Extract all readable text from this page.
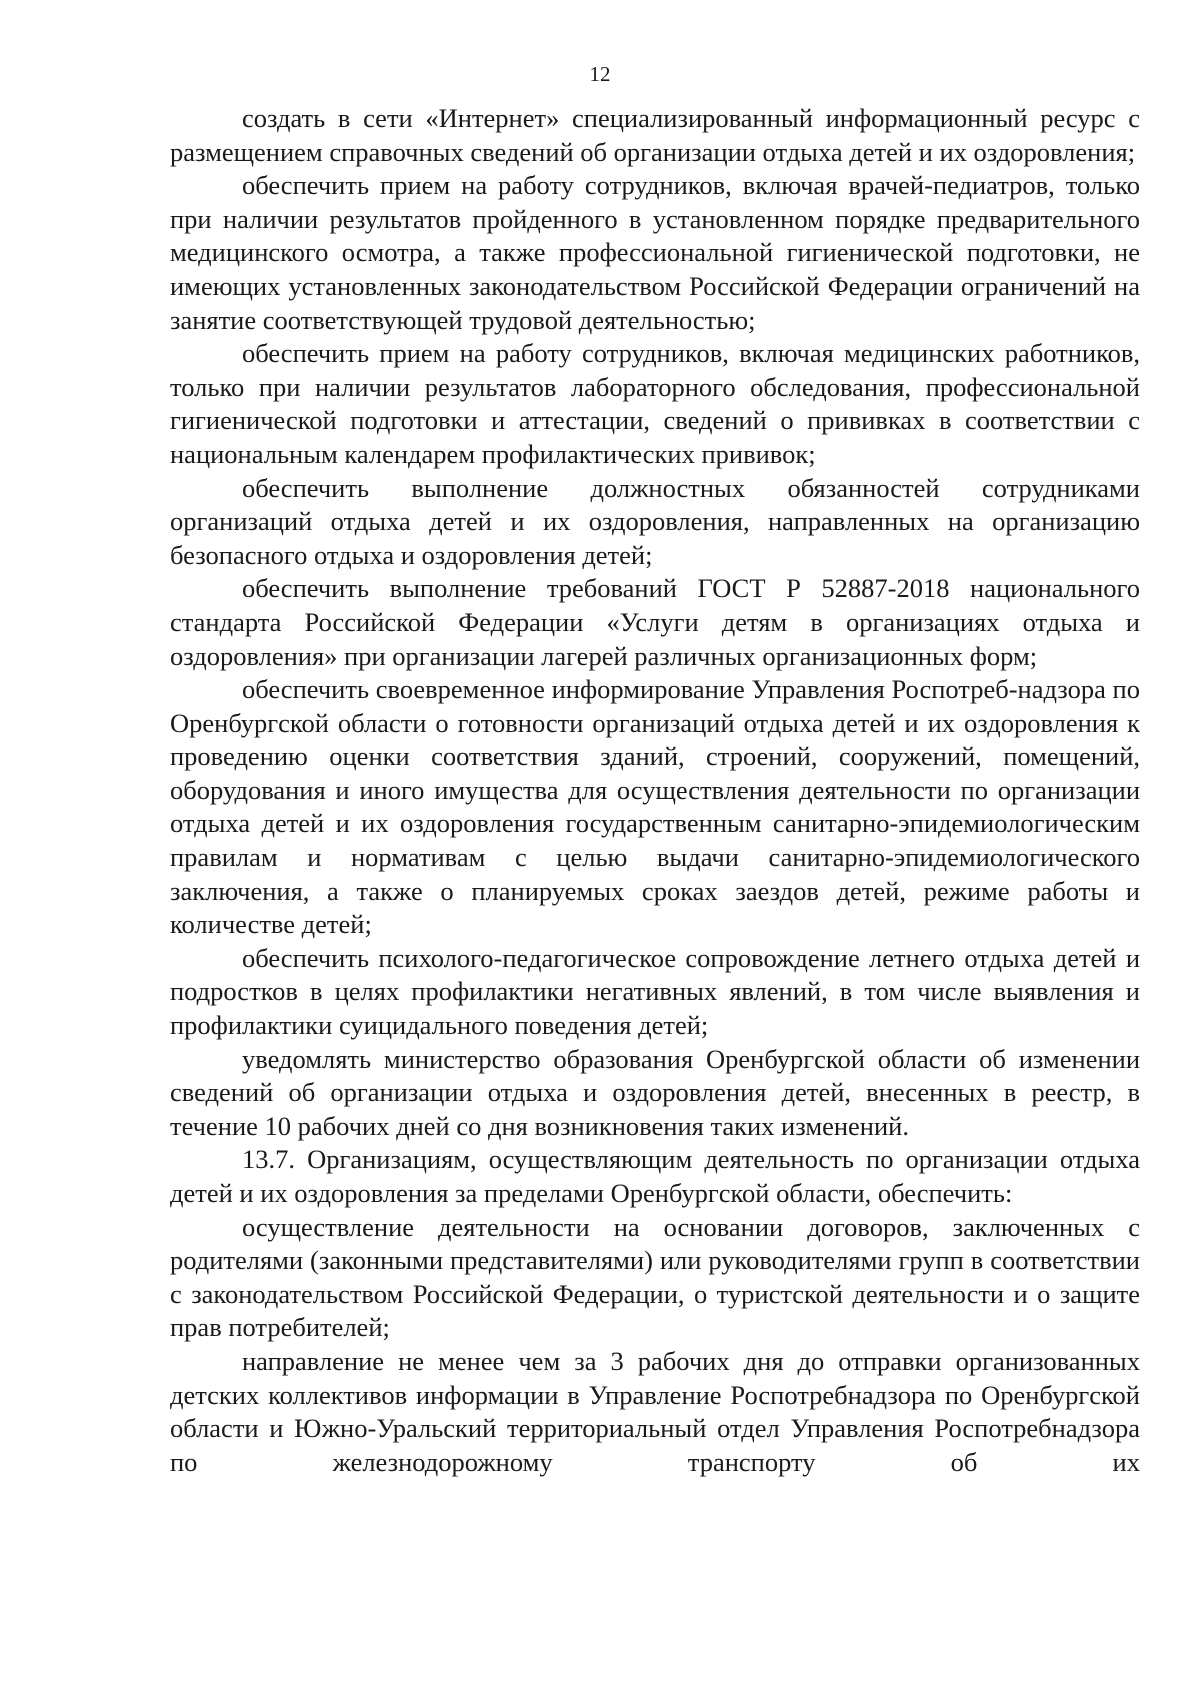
12

создать в сети «Интернет» специализированный информационный ресурс с размещением справочных сведений об организации отдыха детей и их оздоровления;

обеспечить прием на работу сотрудников, включая врачей-педиатров, только при наличии результатов пройденного в установленном порядке предварительного медицинского осмотра, а также профессиональной гигиенической подготовки, не имеющих установленных законодательством Российской Федерации ограничений на занятие соответствующей трудовой деятельностью;

обеспечить прием на работу сотрудников, включая медицинских работников, только при наличии результатов лабораторного обследования, профессиональной гигиенической подготовки и аттестации, сведений о прививках в соответствии с национальным календарем профилактических прививок;

обеспечить выполнение должностных обязанностей сотрудниками организаций отдыха детей и их оздоровления, направленных на организацию безопасного отдыха и оздоровления детей;

обеспечить выполнение требований ГОСТ Р 52887-2018 национального стандарта Российской Федерации «Услуги детям в организациях отдыха и оздоровления» при организации лагерей различных организационных форм;

обеспечить своевременное информирование Управления Роспотреб-надзора по Оренбургской области о готовности организаций отдыха детей и их оздоровления к проведению оценки соответствия зданий, строений, сооружений, помещений, оборудования и иного имущества для осуществления деятельности по организации отдыха детей и их оздоровления государственным санитарно-эпидемиологическим правилам и нормативам с целью выдачи санитарно-эпидемиологического заключения, а также о планируемых сроках заездов детей, режиме работы и количестве детей;

обеспечить психолого-педагогическое сопровождение летнего отдыха детей и подростков в целях профилактики негативных явлений, в том числе выявления и профилактики суицидального поведения детей;

уведомлять министерство образования Оренбургской области об изменении сведений об организации отдыха и оздоровления детей, внесенных в реестр, в течение 10 рабочих дней со дня возникновения таких изменений.

13.7. Организациям, осуществляющим деятельность по организации отдыха детей и их оздоровления за пределами Оренбургской области, обеспечить:

осуществление деятельности на основании договоров, заключенных с родителями (законными представителями) или руководителями групп в соответствии с законодательством Российской Федерации, о туристской деятельности и о защите прав потребителей;

направление не менее чем за 3 рабочих дня до отправки организованных детских коллективов информации в Управление Роспотребнадзора по Оренбургской области и Южно-Уральский территориальный отдел Управления Роспотребнадзора по железнодорожному транспорту об их
